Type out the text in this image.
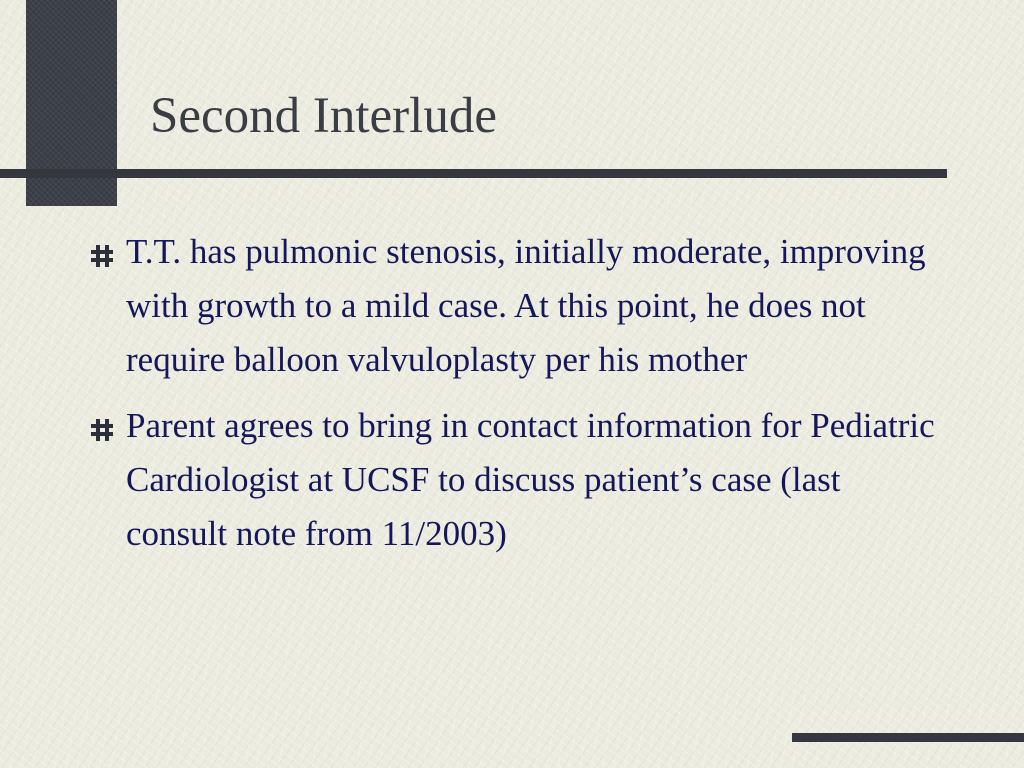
Second Interlude
T.T. has pulmonic stenosis, initially moderate, improving with growth to a mild case. At this point, he does not require balloon valvuloplasty per his mother
Parent agrees to bring in contact information for Pediatric Cardiologist at UCSF to discuss patient’s case (last consult note from 11/2003)
